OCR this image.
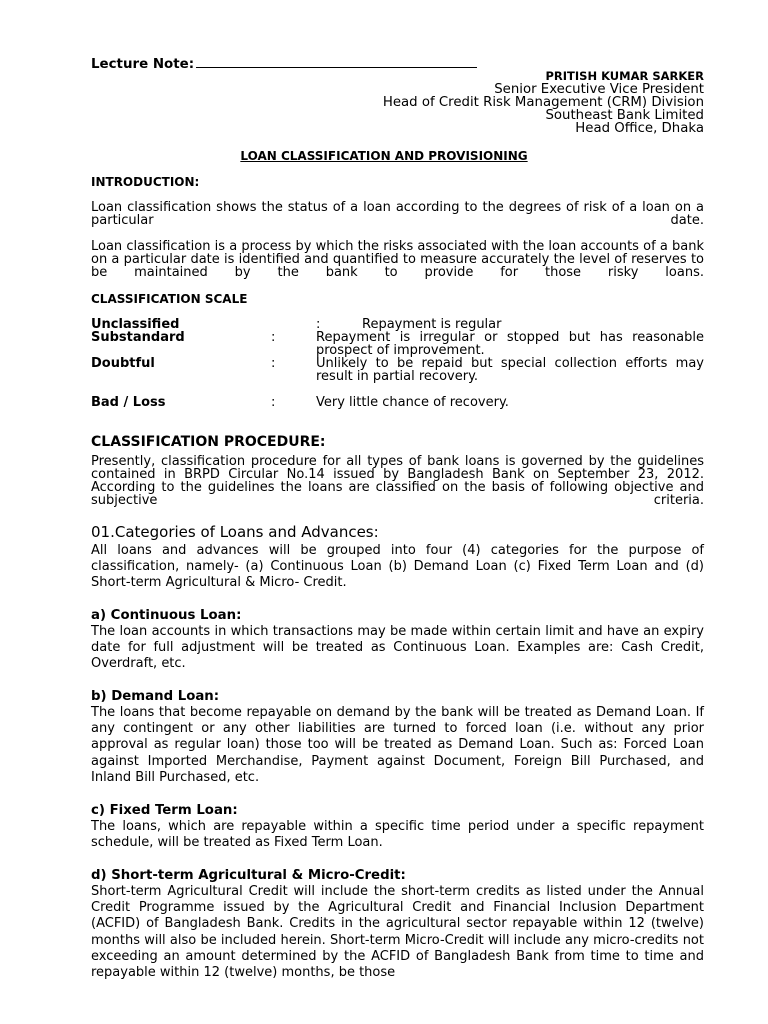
Lecture Note:
PRITISH KUMAR SARKER
Senior Executive Vice President
Head of Credit Risk Management (CRM) Division
Southeast Bank Limited
Head Office, Dhaka
LOAN CLASSIFICATION AND PROVISIONING
INTRODUCTION:
Loan classification shows the status of a loan according to the degrees of risk of a loan on a particular date.
Loan classification is a process by which the risks associated with the loan accounts of a bank on a particular date is identified and quantified to measure accurately the level of reserves to be maintained by the bank to provide for those risky loans.
CLASSIFICATION SCALE
Unclassified	:	Repayment is regular
Substandard	:	Repayment is irregular or stopped but has reasonable prospect of improvement.
Doubtful	:	Unlikely to be repaid but special collection efforts may result in partial recovery.
Bad / Loss	:	Very little chance of recovery.
CLASSIFICATION PROCEDURE:
Presently, classification procedure for all types of bank loans is governed by the guidelines contained in BRPD Circular No.14 issued by Bangladesh Bank on September 23, 2012. According to the guidelines the loans are classified on the basis of following objective and subjective criteria.
01.Categories of Loans and Advances:
All loans and advances will be grouped into four (4) categories for the purpose of classification, namely- (a) Continuous Loan (b) Demand Loan (c) Fixed Term Loan and (d) Short-term Agricultural & Micro- Credit.
a) Continuous Loan:
The loan accounts in which transactions may be made within certain limit and have an expiry date for full adjustment will be treated as Continuous Loan. Examples are: Cash Credit, Overdraft, etc.
b) Demand Loan:
The loans that become repayable on demand by the bank will be treated as Demand Loan. If any contingent or any other liabilities are turned to forced loan (i.e. without any prior approval as regular loan) those too will be treated as Demand Loan. Such as: Forced Loan against Imported Merchandise, Payment against Document, Foreign Bill Purchased, and Inland Bill Purchased, etc.
c) Fixed Term Loan:
The loans, which are repayable within a specific time period under a specific repayment schedule, will be treated as Fixed Term Loan.
d) Short-term Agricultural & Micro-Credit:
Short-term Agricultural Credit will include the short-term credits as listed under the Annual Credit Programme issued by the Agricultural Credit and Financial Inclusion Department (ACFID) of Bangladesh Bank. Credits in the agricultural sector repayable within 12 (twelve) months will also be included herein. Short-term Micro-Credit will include any micro-credits not exceeding an amount determined by the ACFID of Bangladesh Bank from time to time and repayable within 12 (twelve) months, be those
